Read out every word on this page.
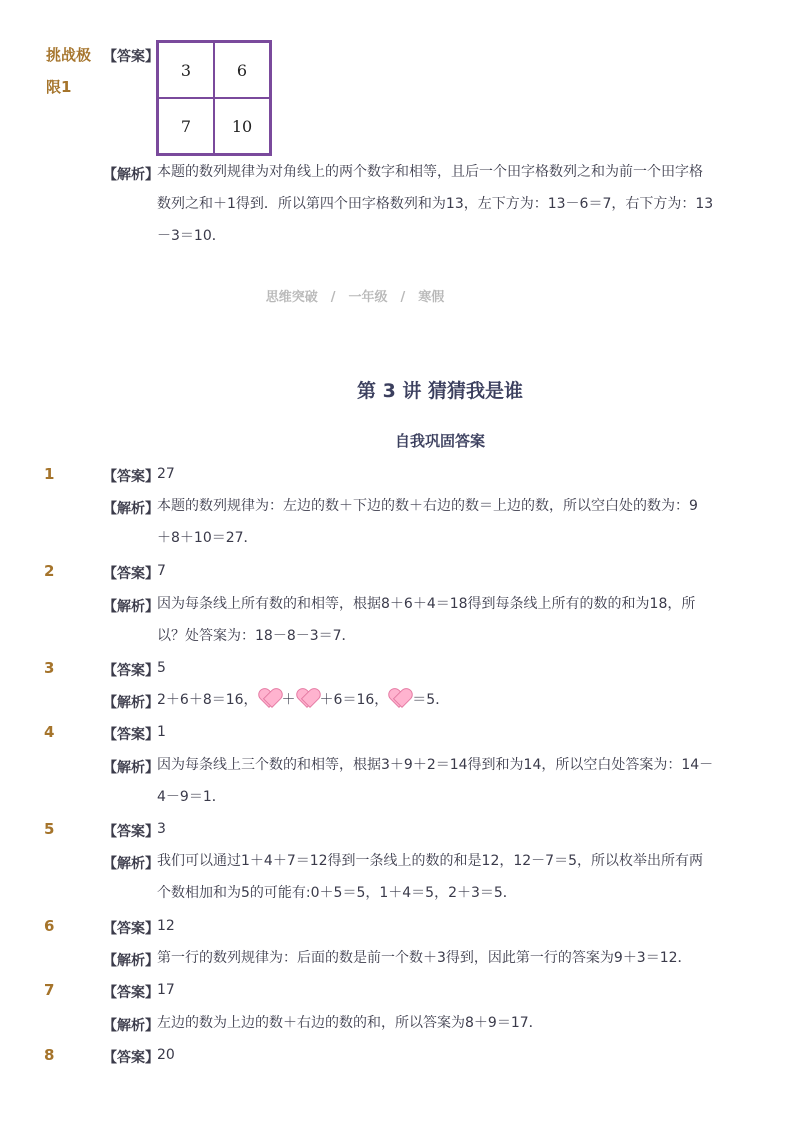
挑战极
限1
【答案】
3	6
7	10
【解析】
本题的数列规律为对角线上的两个数字和相等，且后一个田字格数列之和为前一个田字格
数列之和＋1得到．所以第四个田字格数列和为13，左下方为：13－6＝7，右下方为：13
－3＝10．
思维突破　/　一年级　/　寒假
第 3 讲 猜猜我是谁
自我巩固答案
1	【答案】
27
【解析】
本题的数列规律为：左边的数＋下边的数＋右边的数＝上边的数，所以空白处的数为：9
＋8＋10＝27．
2	【答案】
7
【解析】
因为每条线上所有数的和相等，根据8＋6＋4＝18得到每条线上所有的数的和为18，所
以？处答案为：18－8－3＝7．
3	【答案】
5
【解析】
2＋6＋8＝16， ＋ ＋6＝16， ＝5．
4	【答案】
1
【解析】
因为每条线上三个数的和相等，根据3＋9＋2＝14得到和为14，所以空白处答案为：14－
4－9＝1．
5	【答案】
3
【解析】
我们可以通过1＋4＋7＝12得到一条线上的数的和是12，12－7＝5，所以枚举出所有两
个数相加和为5的可能有:0＋5＝5，1＋4＝5，2＋3＝5．
6	【答案】
12
【解析】
第一行的数列规律为：后面的数是前一个数＋3得到，因此第一行的答案为9＋3＝12．
7	【答案】
17
【解析】
左边的数为上边的数＋右边的数的和，所以答案为8＋9＝17．
8	【答案】
20
